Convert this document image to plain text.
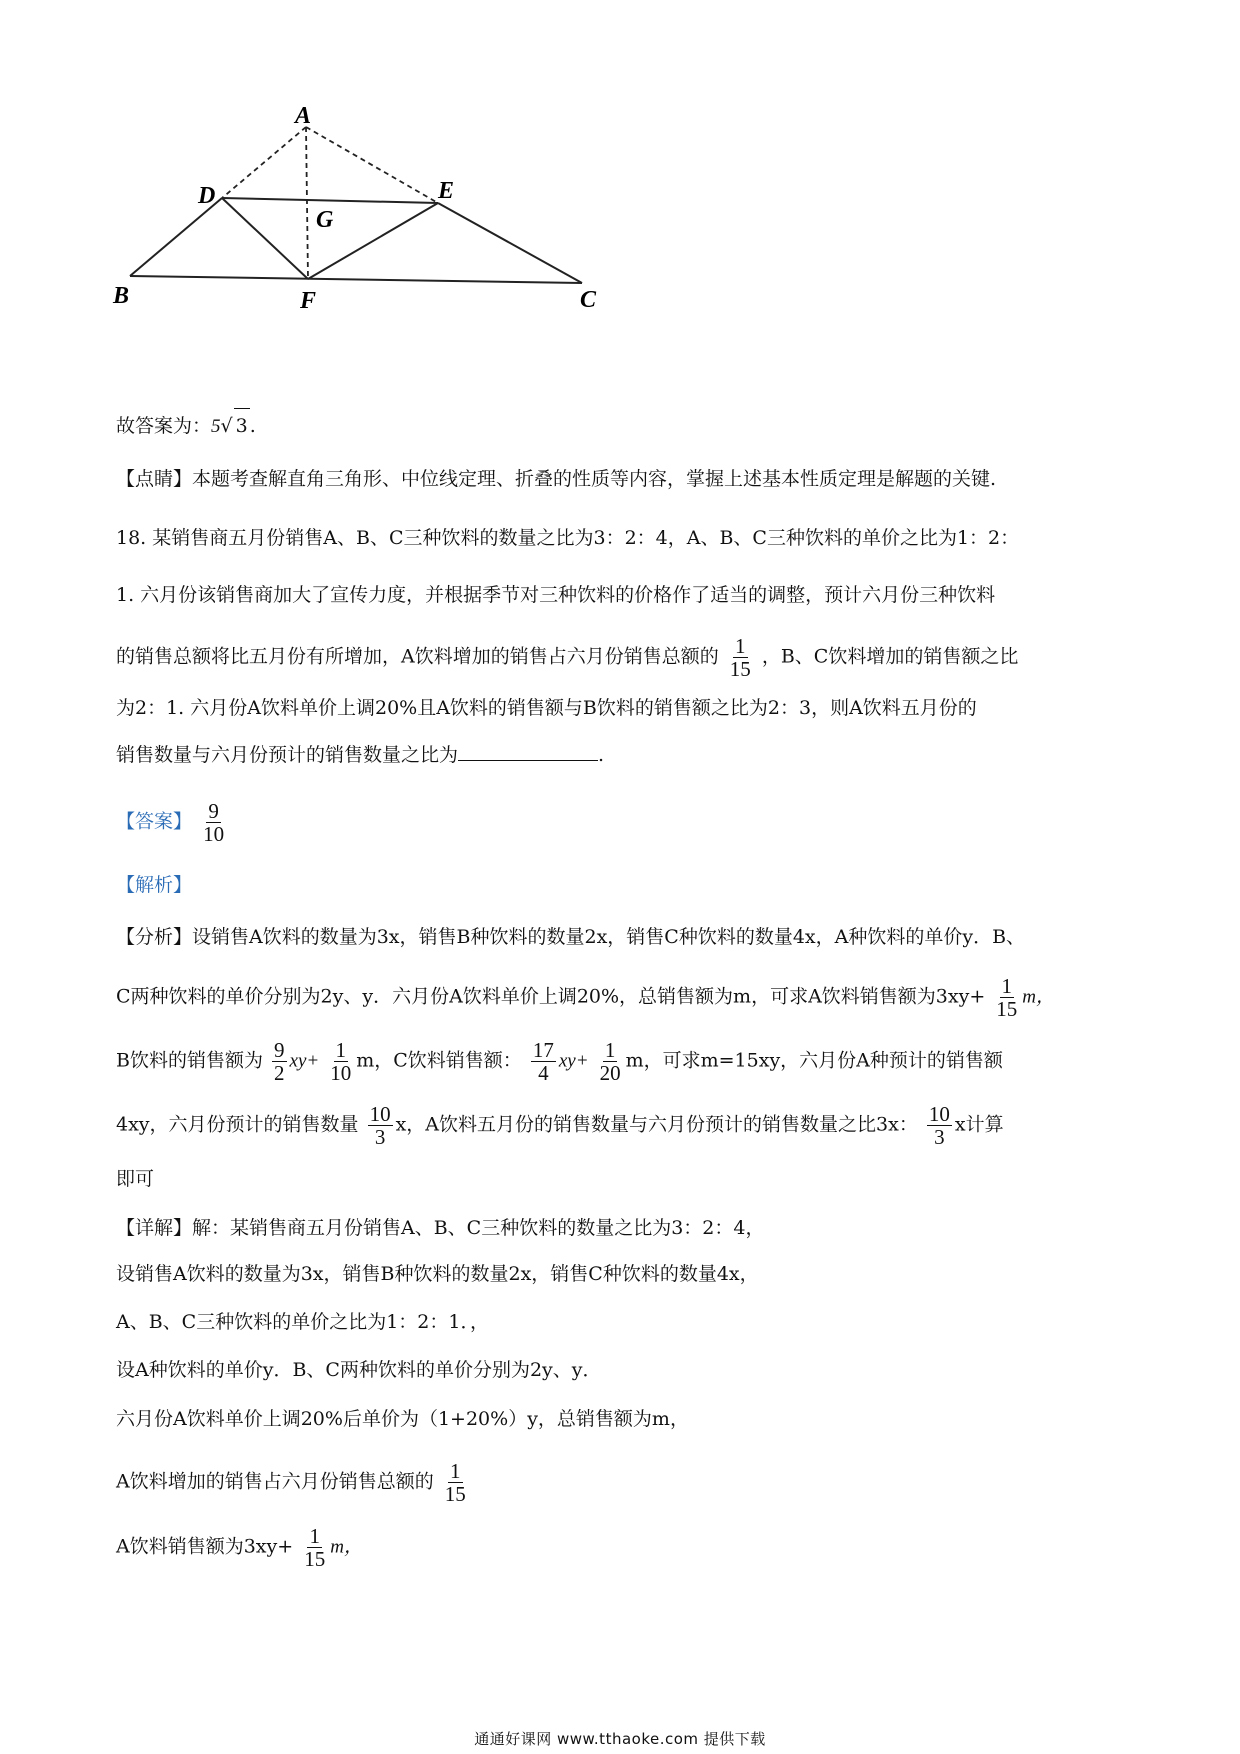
A
D	E
G
B	F	C
故答案为：5√ 3 .
【点睛】本题考查解直角三角形、中位线定理、折叠的性质等内容，掌握上述基本性质定理是解题的关键.
18. 某销售商五月份销售A、B、C三种饮料的数量之比为3：2：4，A、B、C三种饮料的单价之比为1：2：
1. 六月份该销售商加大了宣传力度，并根据季节对三种饮料的价格作了适当的调整，预计六月份三种饮料
的销售总额将比五月份有所增加，A饮料增加的销售占六月份销售总额的 $\frac{1}{15}$ ，B、C饮料增加的销售额之比
为2：1. 六月份A饮料单价上调20%且A饮料的销售额与B饮料的销售额之比为2：3，则A饮料五月份的
销售数量与六月份预计的销售数量之比为	.
【答案】 $\frac{9}{10}$
【解析】
【分析】设销售A饮料的数量为3x，销售B种饮料的数量2x，销售C种饮料的数量4x，A种饮料的单价y．B、
C两种饮料的单价分别为2y、y．六月份A饮料单价上调20%，总销售额为m，可求A饮料销售额为$3xy+ \frac{1}{15}$ m，
B饮料的销售额为 $\frac{9}{2} xy+ \frac{1}{10}$ m，C饮料销售额： $\frac{17}{4} xy+ \frac{1}{20}$ m，可求m=15xy，六月份A种预计的销售额
4xy，六月份预计的销售数量 $\frac{10}{3}$ x，A饮料五月份的销售数量与六月份预计的销售数量之比3x： $\frac{10}{3}$ x计算
即可
【详解】解：某销售商五月份销售A、B、C三种饮料的数量之比为3：2：4，
设销售A饮料的数量为3x，销售B种饮料的数量2x，销售C种饮料的数量4x，
A、B、C三种饮料的单价之比为1：2：1．，
设A种饮料的单价y．B、C两种饮料的单价分别为2y、y．
六月份A饮料单价上调20%后单价为（1+20%）y，总销售额为m，
A饮料增加的销售占六月份销售总额的 $\frac{1}{15}$
A饮料销售额为$3xy+ \frac{1}{15}$ m，
通通好课网 www.tthaoke.com 提供下载
